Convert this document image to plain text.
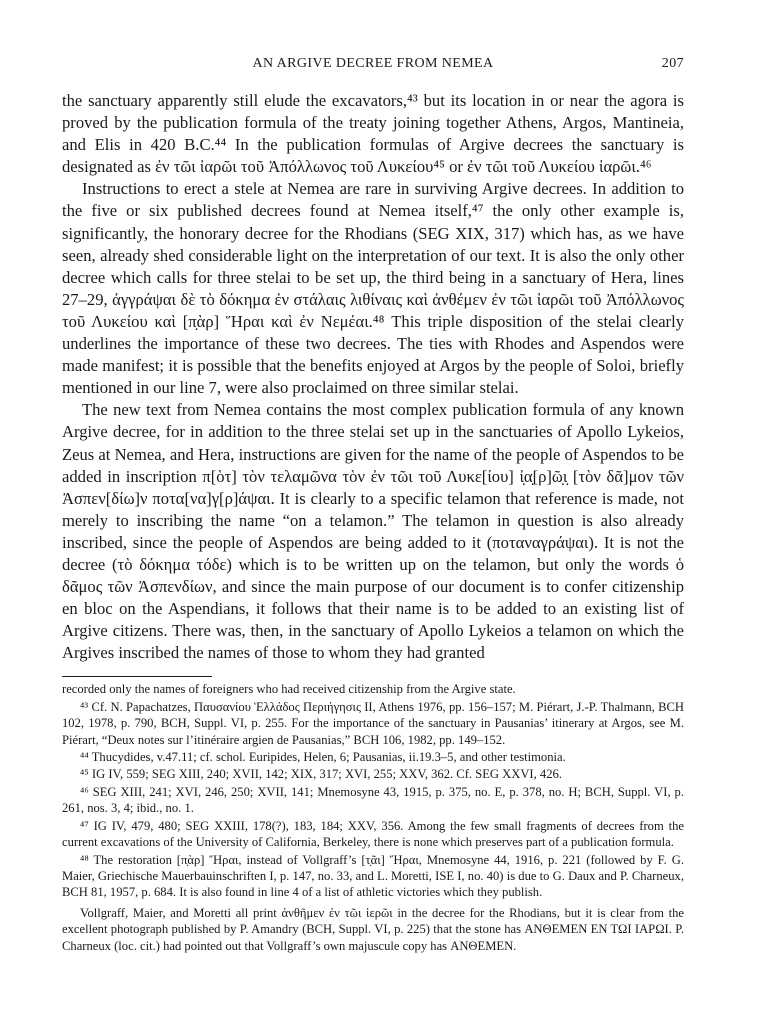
AN ARGIVE DECREE FROM NEMEA	207

the sanctuary apparently still elude the excavators,⁴³ but its location in or near the agora is proved by the publication formula of the treaty joining together Athens, Argos, Mantineia, and Elis in 420 B.C.⁴⁴ In the publication formulas of Argive decrees the sanctuary is designated as ἐν τῶι ἰαρῶι τοῦ Ἀπόλλωνος τοῦ Λυκείου⁴⁵ or ἐν τῶι τοῦ Λυκείου ἰαρῶι.⁴⁶

Instructions to erect a stele at Nemea are rare in surviving Argive decrees. In addition to the five or six published decrees found at Nemea itself,⁴⁷ the only other example is, significantly, the honorary decree for the Rhodians (SEG XIX, 317) which has, as we have seen, already shed considerable light on the interpretation of our text. It is also the only other decree which calls for three stelai to be set up, the third being in a sanctuary of Hera, lines 27–29, ἀγγράψαι δὲ τὸ δόκημα ἐν στάλαις λιθίναις καὶ ἀνθέμεν ἐν τῶι ἰαρῶι τοῦ Ἀπόλλωνος τοῦ Λυκείου καὶ [π̣ὰρ] Ἥραι καὶ ἐν Νεμέαι.⁴⁸ This triple disposition of the stelai clearly underlines the importance of these two decrees. The ties with Rhodes and Aspendos were made manifest; it is possible that the benefits enjoyed at Argos by the people of Soloi, briefly mentioned in our line 7, were also proclaimed on three similar stelai.

The new text from Nemea contains the most complex publication formula of any known Argive decree, for in addition to the three stelai set up in the sanctuaries of Apollo Lykeios, Zeus at Nemea, and Hera, instructions are given for the name of the people of Aspendos to be added in inscription π[ὸτ] τὸν τελαμῶνα τὸν ἐν τῶι τοῦ Λυκε[ίου] ἰ̣α̣[ρ]ῶ̣ι̣ [τὸν δᾶ]μον τῶν Ἀσπεν[δίω]ν ποτα[να]γ[ρ]άψαι. It is clearly to a specific telamon that reference is made, not merely to inscribing the name “on a telamon.” The telamon in question is also already inscribed, since the people of Aspendos are being added to it (ποταναγράψαι). It is not the decree (τὸ δόκημα τόδε) which is to be written up on the telamon, but only the words ὁ δᾶμος τῶν Ἀσπενδίων, and since the main purpose of our document is to confer citizenship en bloc on the Aspendians, it follows that their name is to be added to an existing list of Argive citizens. There was, then, in the sanctuary of Apollo Lykeios a telamon on which the Argives inscribed the names of those to whom they had granted

recorded only the names of foreigners who had received citizenship from the Argive state.

⁴³ Cf. N. Papachatzes, Παυσανίου Ἑλλάδος Περιήγησις II, Athens 1976, pp. 156–157; M. Piérart, J.-P. Thalmann, BCH 102, 1978, p. 790, BCH, Suppl. VI, p. 255. For the importance of the sanctuary in Pausanias’ itinerary at Argos, see M. Piérart, “Deux notes sur l’itinéraire argien de Pausanias,” BCH 106, 1982, pp. 149–152.

⁴⁴ Thucydides, v.47.11; cf. schol. Euripides, Helen, 6; Pausanias, ii.19.3–5, and other testimonia.

⁴⁵ IG IV, 559; SEG XIII, 240; XVII, 142; XIX, 317; XVI, 255; XXV, 362. Cf. SEG XXVI, 426.

⁴⁶ SEG XIII, 241; XVI, 246, 250; XVII, 141; Mnemosyne 43, 1915, p. 375, no. E, p. 378, no. H; BCH, Suppl. VI, p. 261, nos. 3, 4; ibid., no. 1.

⁴⁷ IG IV, 479, 480; SEG XXIII, 178(?), 183, 184; XXV, 356. Among the few small fragments of decrees from the current excavations of the University of California, Berkeley, there is none which preserves part of a publication formula.

⁴⁸ The restoration [π̣ὰρ] Ἥραι, instead of Vollgraff’s [τ̣ᾶι] Ἥραι, Mnemosyne 44, 1916, p. 221 (followed by F. G. Maier, Griechische Mauerbauinschriften I, p. 147, no. 33, and L. Moretti, ISE I, no. 40) is due to G. Daux and P. Charneux, BCH 81, 1957, p. 684. It is also found in line 4 of a list of athletic victories which they publish.

Vollgraff, Maier, and Moretti all print ἀνθῆμεν ἐν τῶι ἱερῶι in the decree for the Rhodians, but it is clear from the excellent photograph published by P. Amandry (BCH, Suppl. VI, p. 225) that the stone has ΑΝΘΕΜΕΝ ΕΝ ΤΩΙ ΙΑΡΩΙ. P. Charneux (loc. cit.) had pointed out that Vollgraff’s own majuscule copy has ΑΝΘΕΜΕΝ.
